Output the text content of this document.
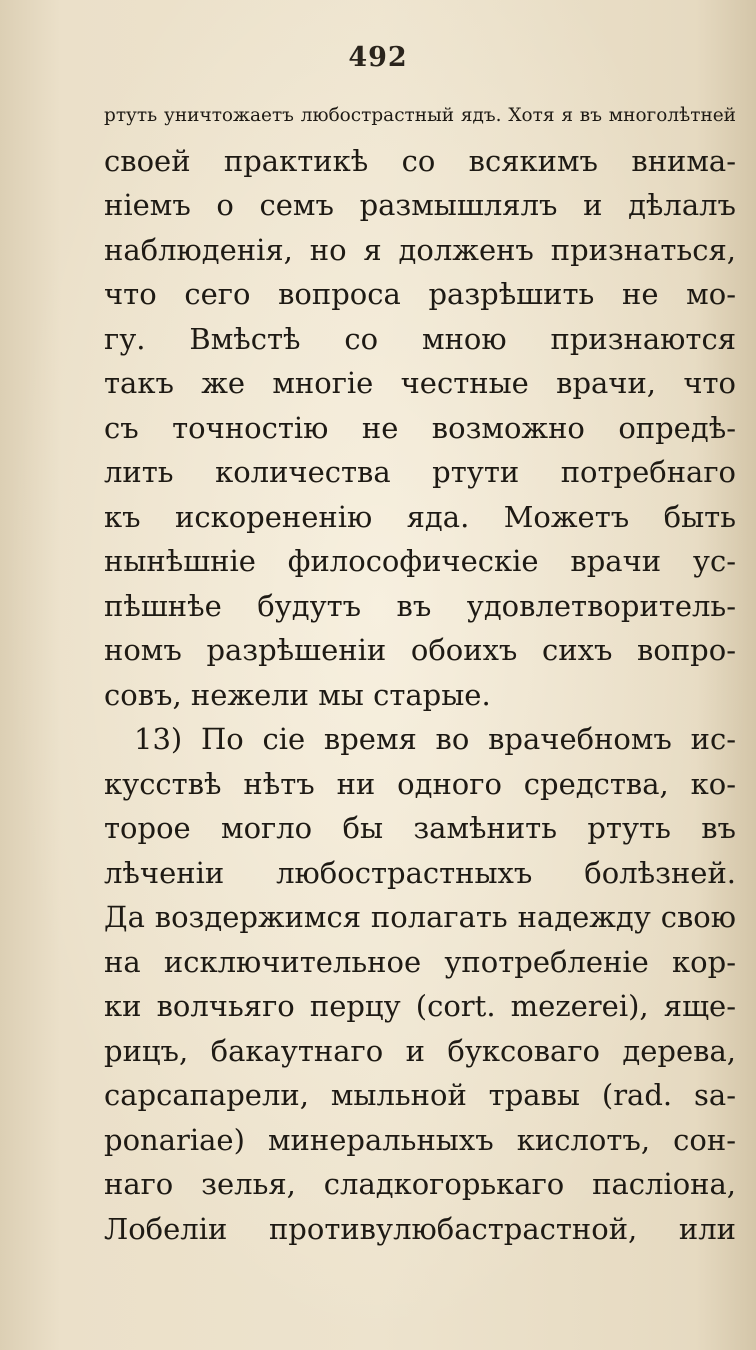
492
ртуть уничтожаетъ любострастный ядъ. Хотя я въ многолѣтней
своей практикѣ со всякимъ внима-
ніемъ о семъ размышлялъ и дѣлалъ
наблюденія, но я долженъ признаться,
что сего вопроса разрѣшить не мо-
гу. Вмѣстѣ со мною признаются
такъ же многіе честные врачи, что
съ точностію не возможно опредѣ-
лить количества ртути потребнаго
къ искорененію яда. Можетъ быть
нынѣшніе философическіе врачи ус-
пѣшнѣе будутъ въ удовлетворитель-
номъ разрѣшеніи обоихъ сихъ вопро-
совъ, нежели мы старые.
13) По сіе время во врачебномъ ис-
кусствѣ нѣтъ ни одного средства, ко-
торое могло бы замѣнить ртуть въ
лѣченіи любострастныхъ болѣзней.
Да воздержимся полагать надежду свою
на исключительное употребленіе кор-
ки волчьяго перцу (cort. mezerei), яще-
рицъ, бакаутнаго и буксоваго дерева,
сарсапарели, мыльной травы (rad. sa-
ponariae) минеральныхъ кислотъ, сон-
наго зелья, сладкогорькаго пасліона,
Лобеліи противулюбастрастной, или
